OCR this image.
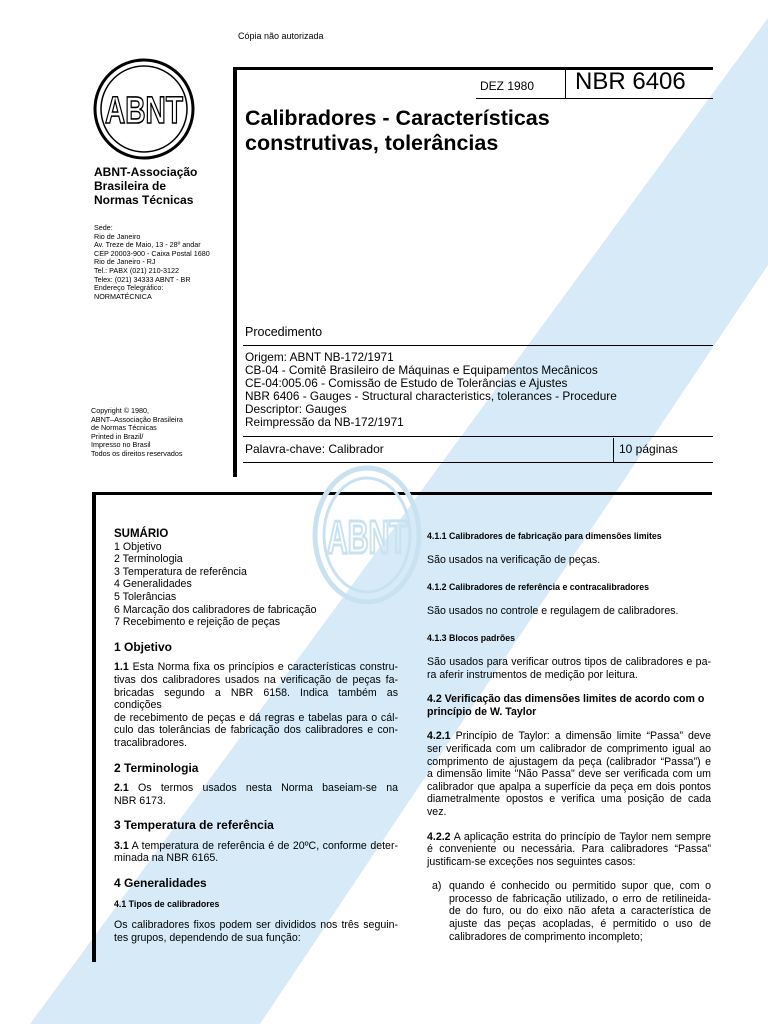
Cópia não autorizada
ABNT
ABNT-Associação
Brasileira de
Normas Técnicas
Sede:
Rio de Janeiro
Av. Treze de Maio, 13 - 28º andar
CEP 20003-900 - Caixa Postal 1680
Rio de Janeiro - RJ
Tel.: PABX (021) 210-3122
Telex: (021) 34333 ABNT - BR
Endereço Telegráfico:
NORMATÉCNICA
Copyright © 1980,
ABNT–Associação Brasileira
de Normas Técnicas
Printed in Brazil/
Impresso no Brasil
Todos os direitos reservados
DEZ 1980 NBR 6406
Calibradores - Características
construtivas, tolerâncias
Procedimento
Origem: ABNT NB-172/1971
CB-04 - Comitê Brasileiro de Máquinas e Equipamentos Mecânicos
CE-04:005.06 - Comissão de Estudo de Tolerâncias e Ajustes
NBR 6406 - Gauges - Structural characteristics, tolerances - Procedure
Descriptor: Gauges
Reimpressão da NB-172/1971
Palavra-chave: Calibrador	10 páginas
ABNT
SUMÁRIO
1 Objetivo
2 Terminologia
3 Temperatura de referência
4 Generalidades
5 Tolerâncias
6 Marcação dos calibradores de fabricação
7 Recebimento e rejeição de peças
1 Objetivo
1.1 Esta Norma fixa os princípios e características constru-
tivas dos calibradores usados na verificação de peças fa-
bricadas segundo a NBR 6158. Indica também as condições
de recebimento de peças e dá regras e tabelas para o cál-
culo das tolerâncias de fabricação dos calibradores e con-
tracalibradores.
2 Terminologia
2.1 Os termos usados nesta Norma baseiam-se na
NBR 6173.
3 Temperatura de referência
3.1 A temperatura de referência é de 20ºC, conforme deter-
minada na NBR 6165.
4 Generalidades
4.1 Tipos de calibradores
Os calibradores fixos podem ser divididos nos três seguin-
tes grupos, dependendo de sua função:
4.1.1 Calibradores de fabricação para dimensões limites
São usados na verificação de peças.
4.1.2 Calibradores de referência e contracalibradores
São usados no controle e regulagem de calibradores.
4.1.3 Blocos padrões
São usados para verificar outros tipos de calibradores e pa-
ra aferir instrumentos de medição por leitura.
4.2 Verificação das dimensões limites de acordo com o
princípio de W. Taylor
4.2.1 Princípio de Taylor: a dimensão limite “Passa” deve
ser verificada com um calibrador de comprimento igual ao
comprimento de ajustagem da peça (calibrador “Passa”) e
a dimensão limite "Não Passa" deve ser verificada com um
calibrador que apalpa a superfície da peça em dois pontos
diametralmente opostos e verifica uma posição de cada
vez.
4.2.2 A aplicação estrita do princípio de Taylor nem sempre
é conveniente ou necessária. Para calibradores “Passa”
justificam-se exceções nos seguintes casos:
a) quando é conhecido ou permitido supor que, com o
processo de fabricação utilizado, o erro de retilineida-
de do furo, ou do eixo não afeta a característica de
ajuste das peças acopladas, é permitido o uso de
calibradores de comprimento incompleto;
